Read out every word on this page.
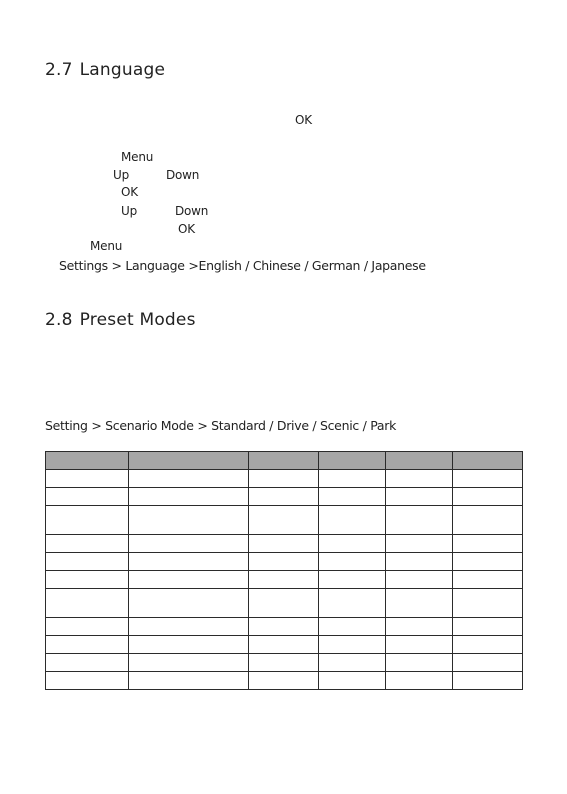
2.7 Language
OK
Menu
Up	Down
OK
Up	Down
OK
Menu
Settings > Language >English / Chinese / German / Japanese
2.8 Preset Modes
Setting > Scenario Mode > Standard / Drive / Scenic / Park
